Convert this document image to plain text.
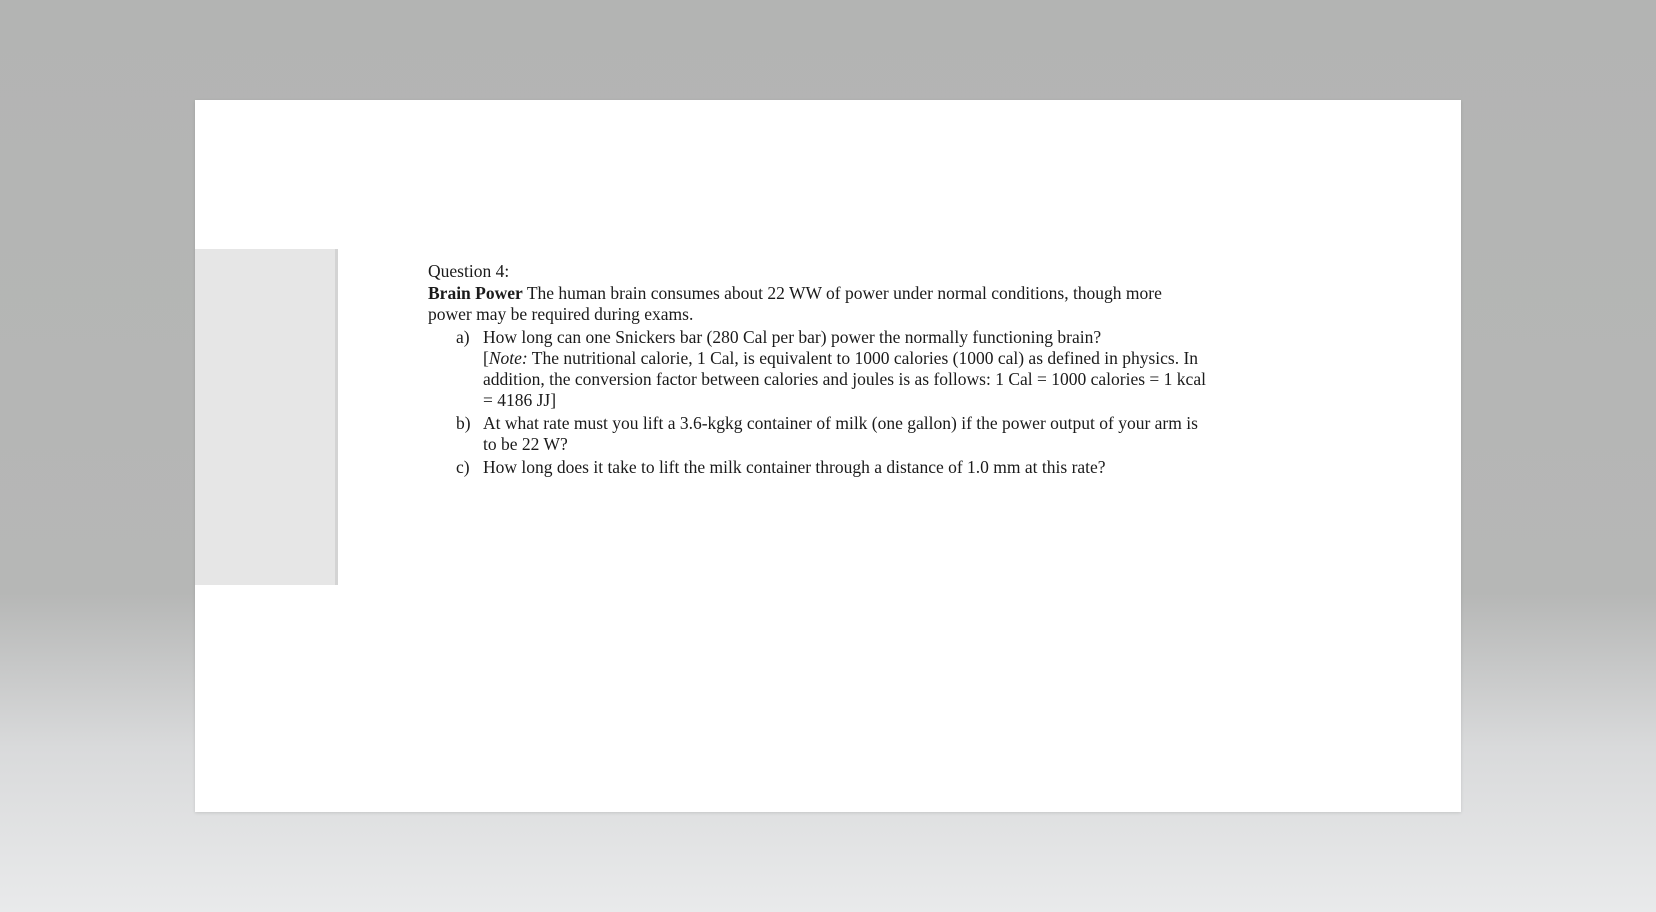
Question 4:

Brain Power The human brain consumes about 22 WW of power under normal conditions, though more power may be required during exams.

a) How long can one Snickers bar (280 Cal per bar) power the normally functioning brain?
[Note: The nutritional calorie, 1 Cal, is equivalent to 1000 calories (1000 cal) as defined in physics. In addition, the conversion factor between calories and joules is as follows: 1 Cal = 1000 calories = 1 kcal = 4186 JJ]
b) At what rate must you lift a 3.6-kgkg container of milk (one gallon) if the power output of your arm is to be 22 W?
c) How long does it take to lift the milk container through a distance of 1.0 mm at this rate?
